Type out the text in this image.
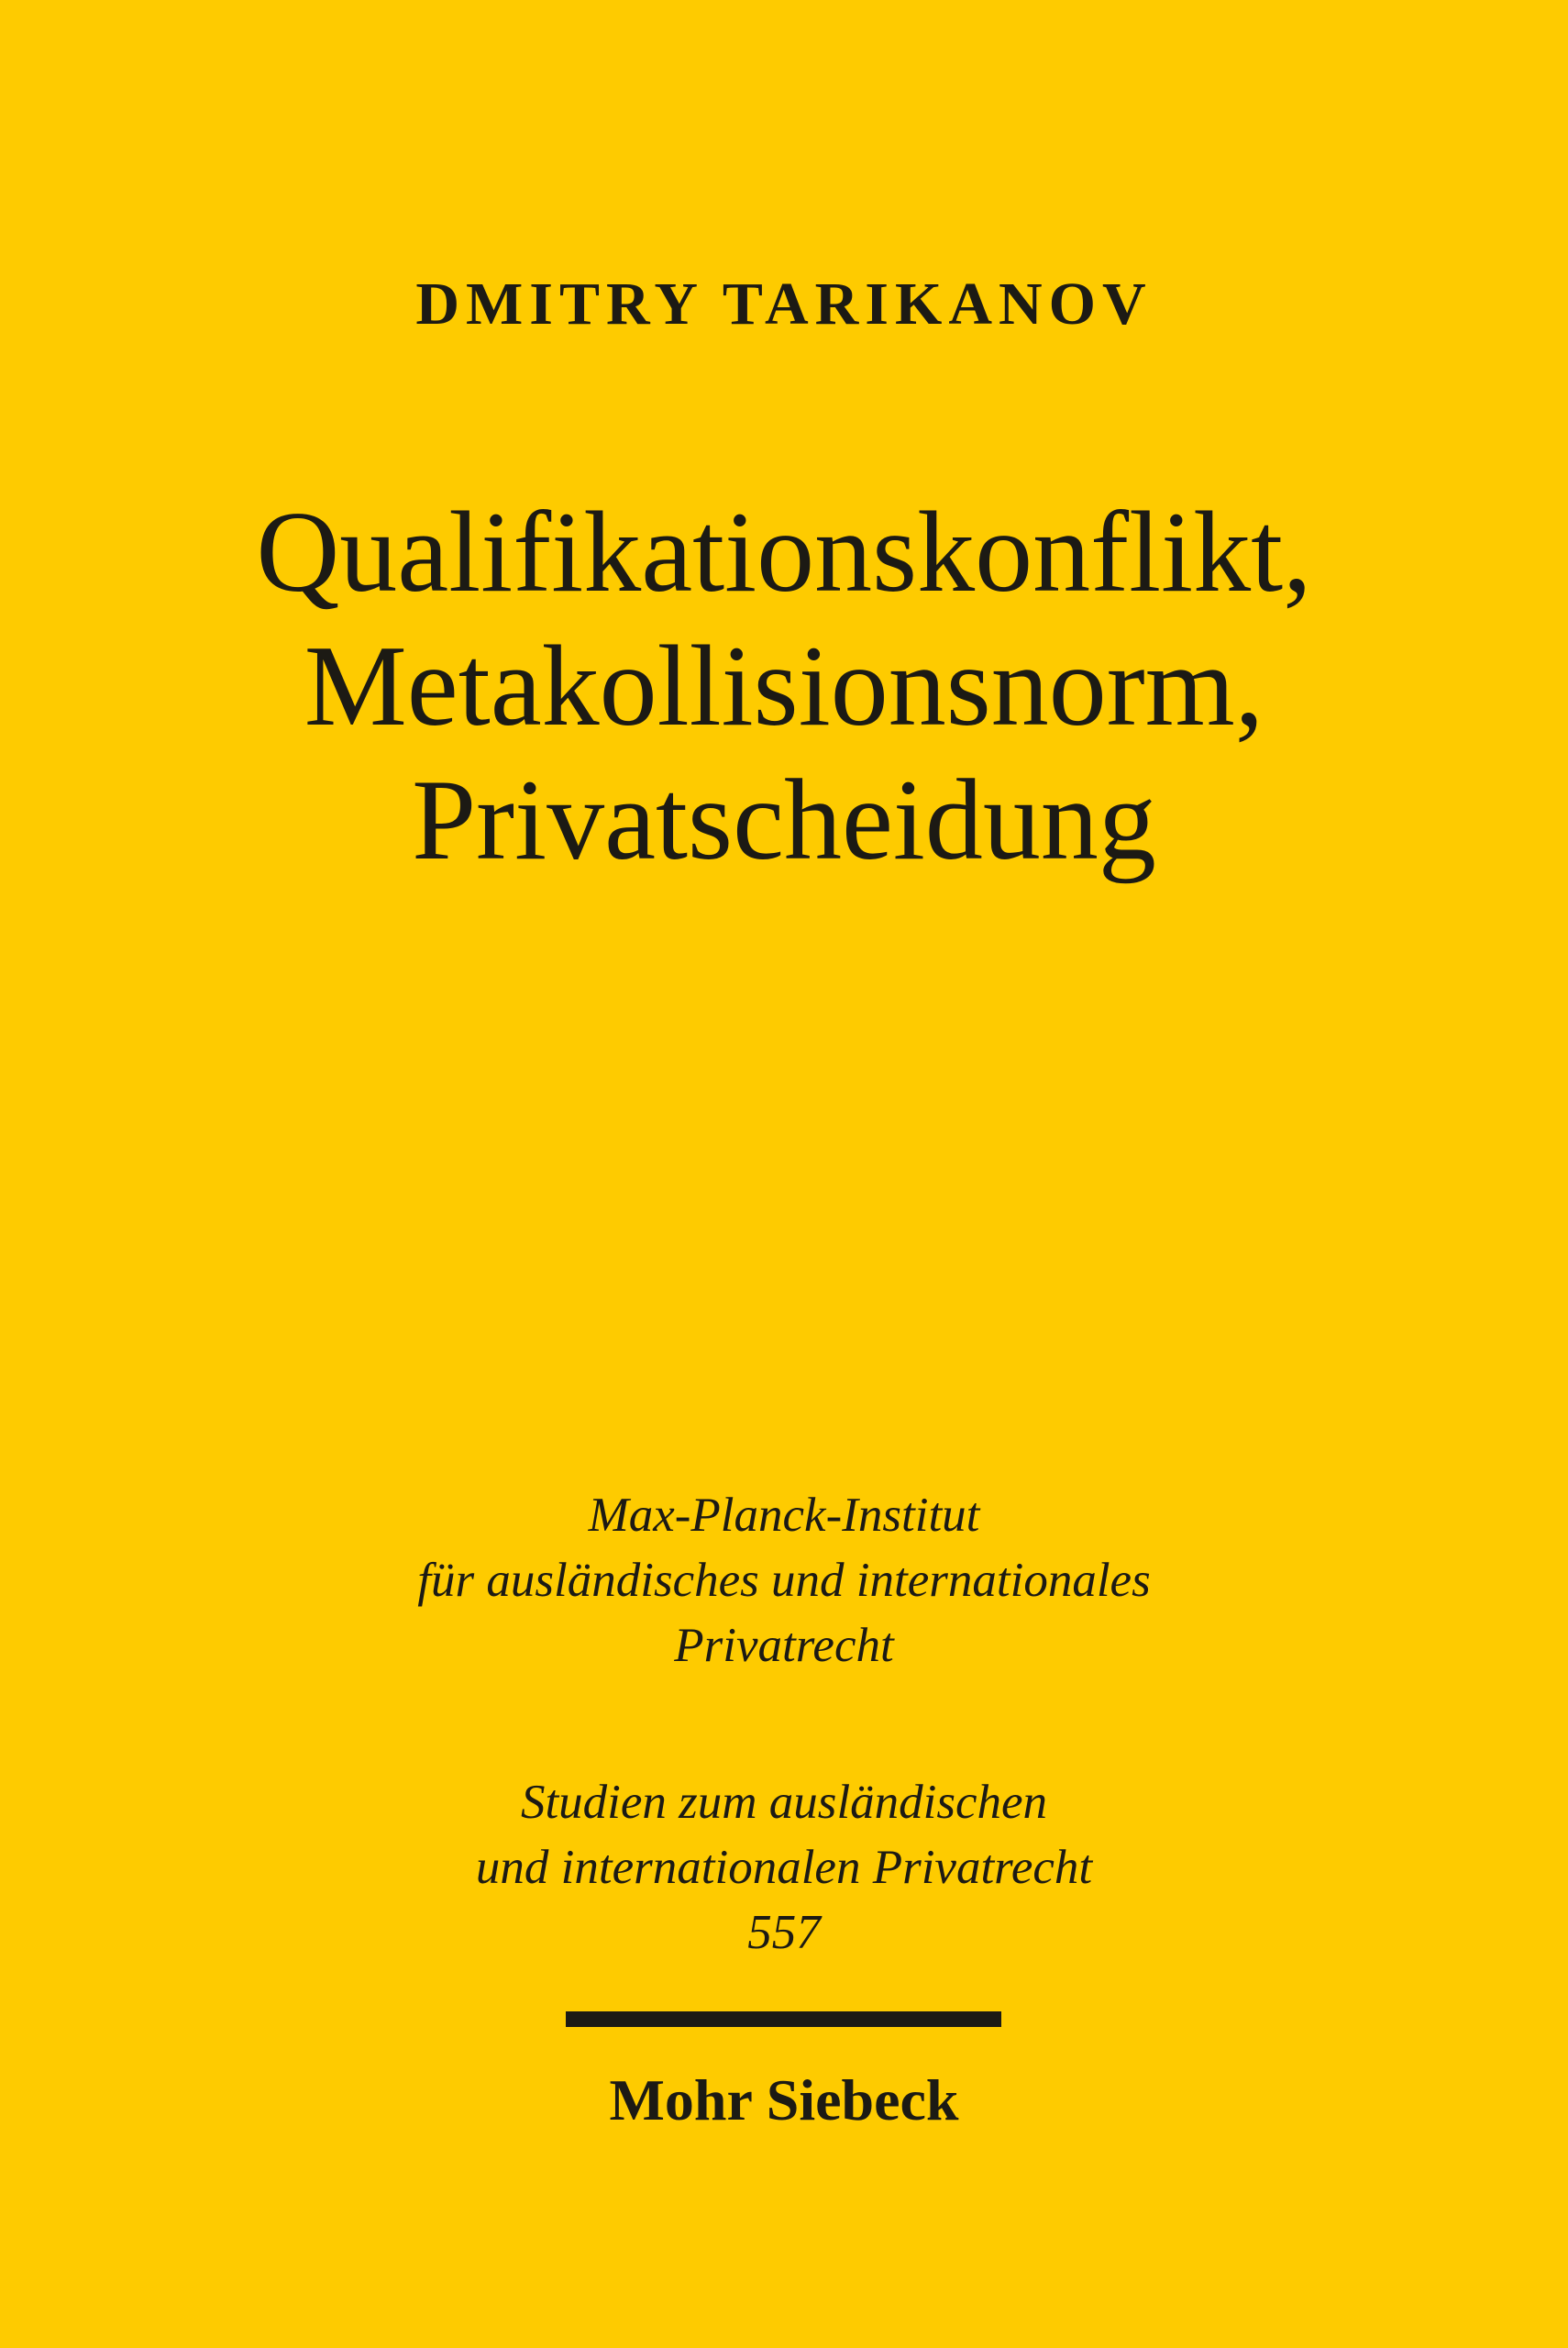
DMITRY TARIKANOV
Qualifikationskonflikt,
Metakollisionsnorm,
Privatscheidung
Max-Planck-Institut
für ausländisches und internationales
Privatrecht
Studien zum ausländischen
und internationalen Privatrecht
557
Mohr Siebeck
